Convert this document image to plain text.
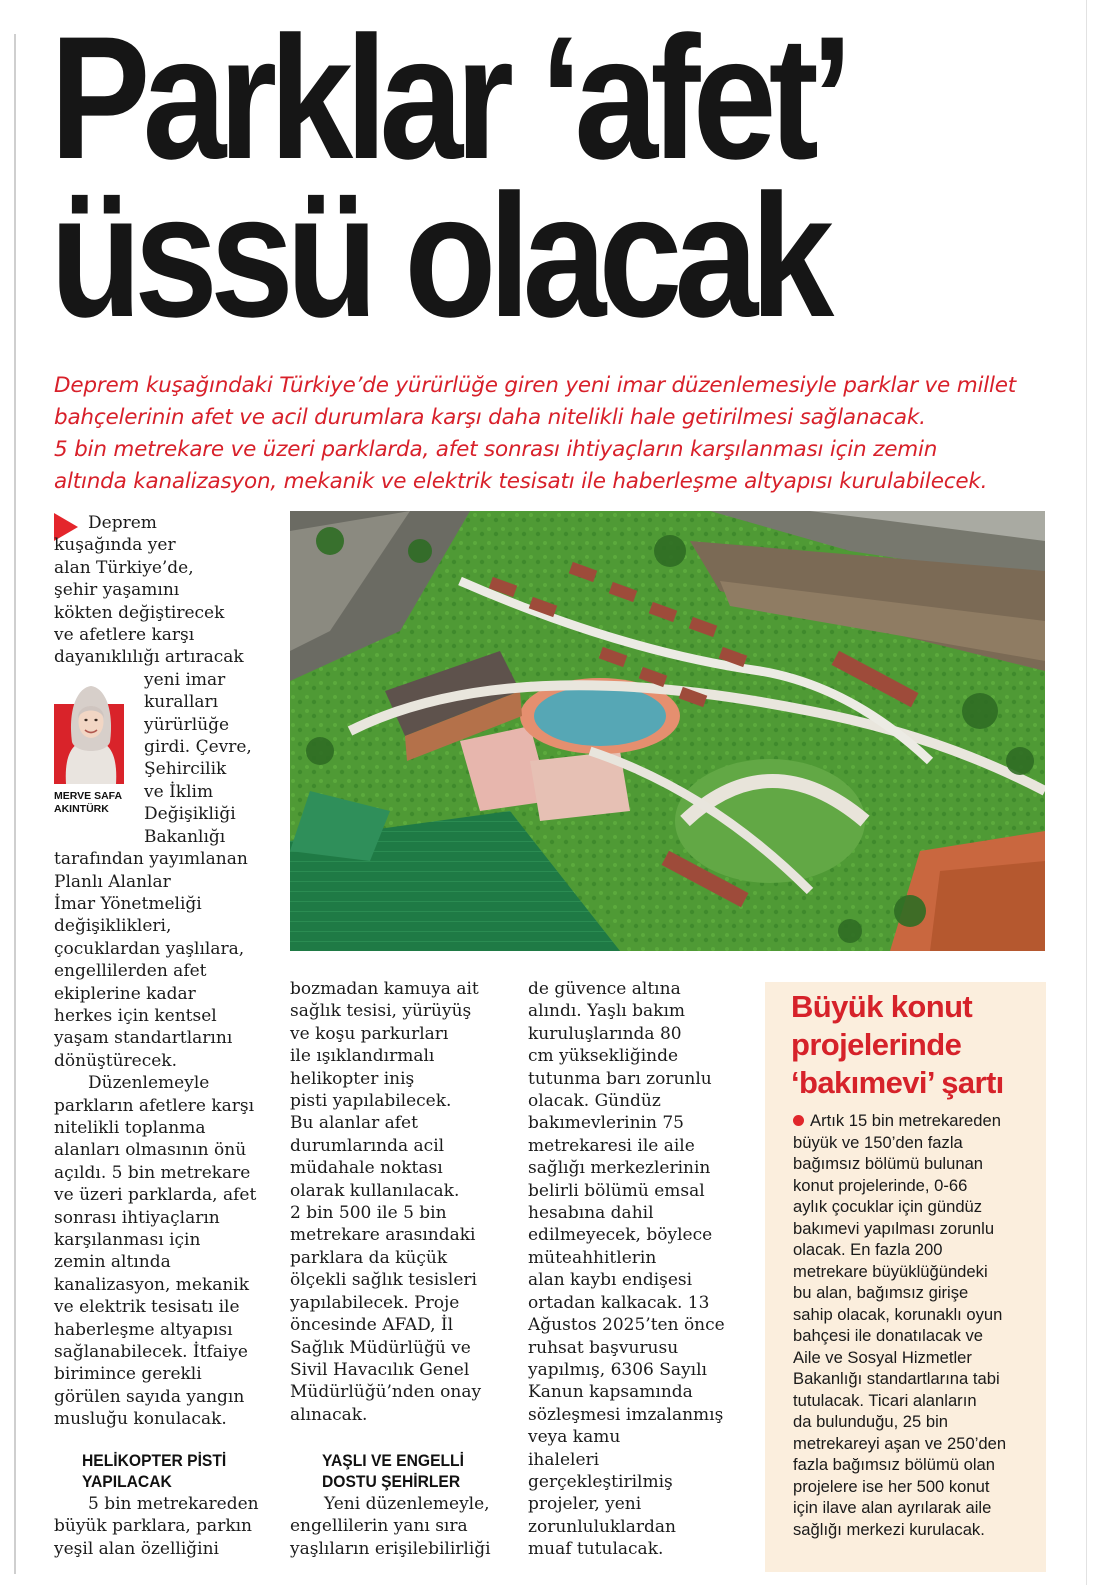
Parklar ‘afet’
üssü olacak
Deprem kuşağındaki Türkiye’de yürürlüğe giren yeni imar düzenlemesiyle parklar ve millet
bahçelerinin afet ve acil durumlara karşı daha nitelikli hale getirilmesi sağlanacak.
5 bin metrekare ve üzeri parklarda, afet sonrası ihtiyaçların karşılanması için zemin
altında kanalizasyon, mekanik ve elektrik tesisatı ile haberleşme altyapısı kurulabilecek.
Deprem
kuşağında yer
alan Türkiye’de,
şehir yaşamını
kökten değiştirecek
ve afetlere karşı
dayanıklılığı artıracak
yeni imar
kuralları
yürürlüğe
girdi. Çevre,
Şehircilik
ve İklim
Değişikliği
Bakanlığı
tarafından yayımlanan
Planlı Alanlar
İmar Yönetmeliği
değişiklikleri,
çocuklardan yaşlılara,
engellilerden afet
ekiplerine kadar
herkes için kentsel
yaşam standartlarını
dönüştürecek.
Düzenlemeyle
parkların afetlere karşı
nitelikli toplanma
alanları olmasının önü
açıldı. 5 bin metrekare
ve üzeri parklarda, afet
sonrası ihtiyaçların
karşılanması için
zemin altında
kanalizasyon, mekanik
ve elektrik tesisatı ile
haberleşme altyapısı
sağlanabilecek. İtfaiye
birimince gerekli
görülen sayıda yangın
musluğu konulacak.
MERVE SAFA
AKINTÜRK
bozmadan kamuya ait
sağlık tesisi, yürüyüş
ve koşu parkurları
ile ışıklandırmalı
helikopter iniş
pisti yapılabilecek.
Bu alanlar afet
durumlarında acil
müdahale noktası
olarak kullanılacak.
2 bin 500 ile 5 bin
metrekare arasındaki
parklara da küçük
ölçekli sağlık tesisleri
yapılabilecek. Proje
öncesinde AFAD, İl
Sağlık Müdürlüğü ve
Sivil Havacılık Genel
Müdürlüğü’nden onay
alınacak.
de güvence altına
alındı. Yaşlı bakım
kuruluşlarında 80
cm yüksekliğinde
tutunma barı zorunlu
olacak. Gündüz
bakımevlerinin 75
metrekaresi ile aile
sağlığı merkezlerinin
belirli bölümü emsal
hesabına dahil
edilmeyecek, böylece
müteahhitlerin
alan kaybı endişesi
ortadan kalkacak. 13
Ağustos 2025’ten önce
ruhsat başvurusu
yapılmış, 6306 Sayılı
Kanun kapsamında
sözleşmesi imzalanmış
veya kamu
ihaleleri
gerçekleştirilmiş
projeler, yeni
zorunluluklardan
muaf tutulacak.
HELİKOPTER PİSTİ
YAPILACAK
5 bin metrekareden
büyük parklara, parkın
yeşil alan özelliğini
YAŞLI VE ENGELLİ
DOSTU ŞEHİRLER
Yeni düzenlemeyle,
engellilerin yanı sıra
yaşlıların erişilebilirliği
Büyük konut
projelerinde
‘bakımevi’ şartı
Artık 15 bin metrekareden
büyük ve 150’den fazla
bağımsız bölümü bulunan
konut projelerinde, 0-66
aylık çocuklar için gündüz
bakımevi yapılması zorunlu
olacak. En fazla 200
metrekare büyüklüğündeki
bu alan, bağımsız girişe
sahip olacak, korunaklı oyun
bahçesi ile donatılacak ve
Aile ve Sosyal Hizmetler
Bakanlığı standartlarına tabi
tutulacak. Ticari alanların
da bulunduğu, 25 bin
metrekareyi aşan ve 250’den
fazla bağımsız bölümü olan
projelere ise her 500 konut
için ilave alan ayrılarak aile
sağlığı merkezi kurulacak.
